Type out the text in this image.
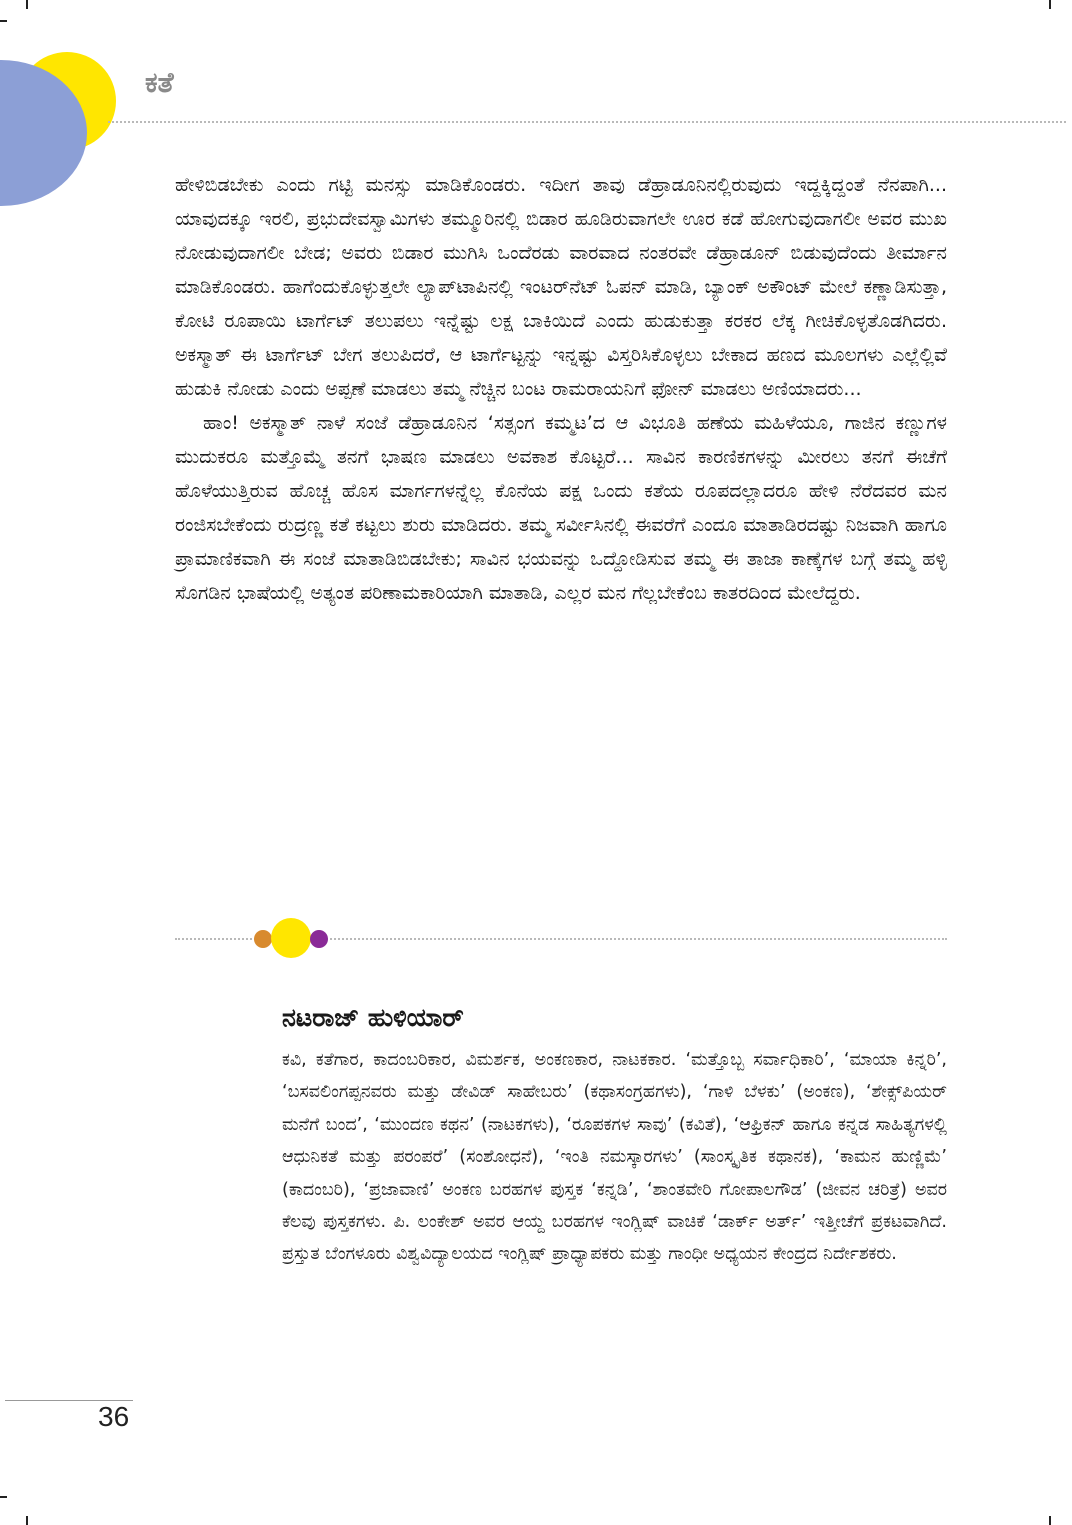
ಕತೆ

ಹೇಳಿಬಿಡಬೇಕು ಎಂದು ಗಟ್ಟಿ ಮನಸ್ಸು ಮಾಡಿಕೊಂಡರು. ಇದೀಗ ತಾವು ಡೆಹ್ರಾಡೂನಿನಲ್ಲಿರುವುದು ಇದ್ದಕ್ಕಿದ್ದಂತೆ ನೆನಪಾಗಿ... ಯಾವುದಕ್ಕೂ ಇರಲಿ, ಪ್ರಭುದೇವಸ್ವಾಮಿಗಳು ತಮ್ಮೂರಿನಲ್ಲಿ ಬಿಡಾರ ಹೂಡಿರುವಾಗಲೇ ಊರ ಕಡೆ ಹೋಗುವುದಾಗಲೀ ಅವರ ಮುಖ ನೋಡುವುದಾಗಲೀ ಬೇಡ; ಅವರು ಬಿಡಾರ ಮುಗಿಸಿ ಒಂದೆರಡು ವಾರವಾದ ನಂತರವೇ ಡೆಹ್ರಾಡೂನ್ ಬಿಡುವುದೆಂದು ತೀರ್ಮಾನ ಮಾಡಿಕೊಂಡರು. ಹಾಗೆಂದುಕೊಳ್ಳುತ್ತಲೇ ಲ್ಯಾಪ್‌ಟಾಪಿನಲ್ಲಿ ಇಂಟರ್‌ನೆಟ್ ಓಪನ್ ಮಾಡಿ, ಬ್ಯಾಂಕ್ ಅಕೌಂಟ್ ಮೇಲೆ ಕಣ್ಣಾಡಿಸುತ್ತಾ, ಕೋಟಿ ರೂಪಾಯಿ ಟಾರ್ಗೆಟ್ ತಲುಪಲು ಇನ್ನೆಷ್ಟು ಲಕ್ಷ ಬಾಕಿಯಿದೆ ಎಂದು ಹುಡುಕುತ್ತಾ ಕರಕರ ಲೆಕ್ಕ ಗೀಚಿಕೊಳ್ಳತೊಡಗಿದರು. ಅಕಸ್ಮಾತ್ ಈ ಟಾರ್ಗೆಟ್ ಬೇಗ ತಲುಪಿದರೆ, ಆ ಟಾರ್ಗೆಟ್ಟನ್ನು ಇನ್ನಷ್ಟು ವಿಸ್ತರಿಸಿಕೊಳ್ಳಲು ಬೇಕಾದ ಹಣದ ಮೂಲಗಳು ಎಲ್ಲೆಲ್ಲಿವೆ ಹುಡುಕಿ ನೋಡು ಎಂದು ಅಪ್ಪಣೆ ಮಾಡಲು ತಮ್ಮ ನೆಚ್ಚಿನ ಬಂಟ ರಾಮರಾಯನಿಗೆ ಫೋನ್ ಮಾಡಲು ಅಣಿಯಾದರು...

ಹಾಂ! ಅಕಸ್ಮಾತ್ ನಾಳೆ ಸಂಜೆ ಡೆಹ್ರಾಡೂನಿನ ‘ಸತ್ಸಂಗ ಕಮ್ಮಟ’ದ ಆ ವಿಭೂತಿ ಹಣೆಯ ಮಹಿಳೆಯೂ, ಗಾಜಿನ ಕಣ್ಣುಗಳ ಮುದುಕರೂ ಮತ್ತೊಮ್ಮೆ ತನಗೆ ಭಾಷಣ ಮಾಡಲು ಅವಕಾಶ ಕೊಟ್ಟರೆ... ಸಾವಿನ ಕಾರಣಿಕಗಳನ್ನು ಮೀರಲು ತನಗೆ ಈಚೆಗೆ ಹೊಳೆಯುತ್ತಿರುವ ಹೊಚ್ಚ ಹೊಸ ಮಾರ್ಗಗಳನ್ನೆಲ್ಲ ಕೊನೆಯ ಪಕ್ಷ ಒಂದು ಕತೆಯ ರೂಪದಲ್ಲಾದರೂ ಹೇಳಿ ನೆರೆದವರ ಮನ ರಂಜಿಸಬೇಕೆಂದು ರುದ್ರಣ್ಣ ಕತೆ ಕಟ್ಟಲು ಶುರು ಮಾಡಿದರು. ತಮ್ಮ ಸರ್ವೀಸಿನಲ್ಲಿ ಈವರೆಗೆ ಎಂದೂ ಮಾತಾಡಿರದಷ್ಟು ನಿಜವಾಗಿ ಹಾಗೂ ಪ್ರಾಮಾಣಿಕವಾಗಿ ಈ ಸಂಜೆ ಮಾತಾಡಿಬಿಡಬೇಕು; ಸಾವಿನ ಭಯವನ್ನು ಒದ್ದೋಡಿಸುವ ತಮ್ಮ ಈ ತಾಜಾ ಕಾಣ್ಕೆಗಳ ಬಗ್ಗೆ ತಮ್ಮ ಹಳ್ಳಿ ಸೊಗಡಿನ ಭಾಷೆಯಲ್ಲಿ ಅತ್ಯಂತ ಪರಿಣಾಮಕಾರಿಯಾಗಿ ಮಾತಾಡಿ, ಎಲ್ಲರ ಮನ ಗೆಲ್ಲಬೇಕೆಂಬ ಕಾತರದಿಂದ ಮೇಲೆದ್ದರು.

ನಟರಾಜ್ ಹುಳಿಯಾರ್
ಕವಿ, ಕತೆಗಾರ, ಕಾದಂಬರಿಕಾರ, ವಿಮರ್ಶಕ, ಅಂಕಣಕಾರ, ನಾಟಕಕಾರ. ‘ಮತ್ತೊಬ್ಬ ಸರ್ವಾಧಿಕಾರಿ’, ‘ಮಾಯಾ ಕಿನ್ನರಿ’, ‘ಬಸವಲಿಂಗಪ್ಪನವರು ಮತ್ತು ಡೇವಿಡ್ ಸಾಹೇಬರು’ (ಕಥಾಸಂಗ್ರಹಗಳು), ‘ಗಾಳಿ ಬೆಳಕು’ (ಅಂಕಣ), ‘ಶೇಕ್ಸ್‌ಪಿಯರ್ ಮನೆಗೆ ಬಂದ’, ‘ಮುಂದಣ ಕಥನ’ (ನಾಟಕಗಳು), ‘ರೂಪಕಗಳ ಸಾವು’ (ಕವಿತೆ), ‘ಆಫ್ರಿಕನ್ ಹಾಗೂ ಕನ್ನಡ ಸಾಹಿತ್ಯಗಳಲ್ಲಿ ಆಧುನಿಕತೆ ಮತ್ತು ಪರಂಪರೆ’ (ಸಂಶೋಧನೆ), ‘ಇಂತಿ ನಮಸ್ಕಾರಗಳು’ (ಸಾಂಸ್ಕೃತಿಕ ಕಥಾನಕ), ‘ಕಾಮನ ಹುಣ್ಣಿಮೆ’ (ಕಾದಂಬರಿ), ‘ಪ್ರಜಾವಾಣಿ’ ಅಂಕಣ ಬರಹಗಳ ಪುಸ್ತಕ ‘ಕನ್ನಡಿ’, ‘ಶಾಂತವೇರಿ ಗೋಪಾಲಗೌಡ’ (ಜೀವನ ಚರಿತ್ರೆ) ಅವರ ಕೆಲವು ಪುಸ್ತಕಗಳು. ಪಿ. ಲಂಕೇಶ್ ಅವರ ಆಯ್ದ ಬರಹಗಳ ಇಂಗ್ಲಿಷ್ ವಾಚಿಕೆ ‘ಡಾರ್ಕ್ ಅರ್ತ್’ ಇತ್ತೀಚೆಗೆ ಪ್ರಕಟವಾಗಿದೆ. ಪ್ರಸ್ತುತ ಬೆಂಗಳೂರು ವಿಶ್ವವಿದ್ಯಾಲಯದ ಇಂಗ್ಲಿಷ್ ಪ್ರಾಧ್ಯಾಪಕರು ಮತ್ತು ಗಾಂಧೀ ಅಧ್ಯಯನ ಕೇಂದ್ರದ ನಿರ್ದೇಶಕರು.
36
